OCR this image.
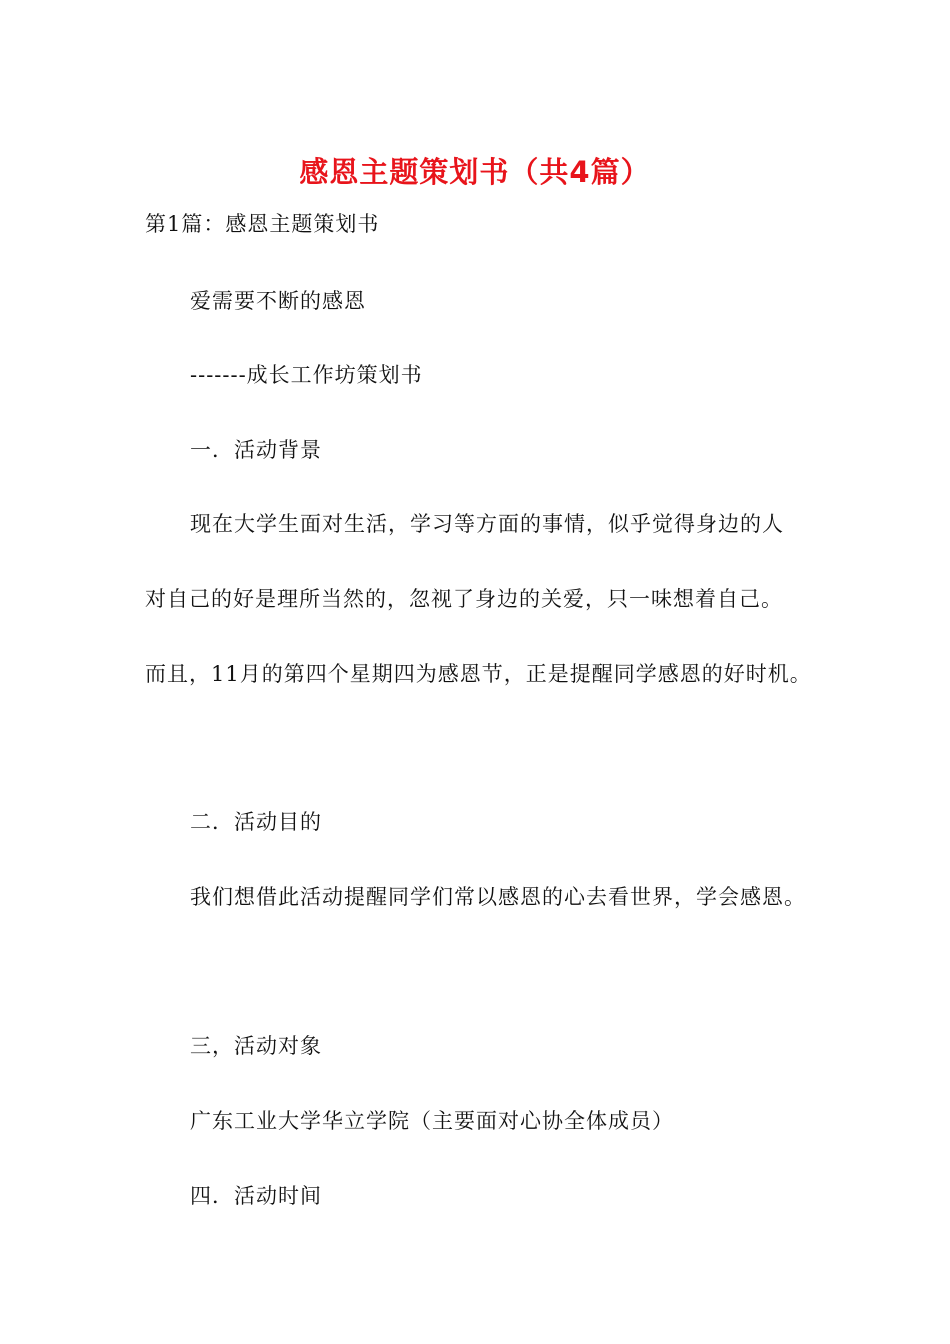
感恩主题策划书（共4篇）
第1篇：感恩主题策划书
爱需要不断的感恩
-------成长工作坊策划书
一．活动背景
现在大学生面对生活，学习等方面的事情，似乎觉得身边的人
对自己的好是理所当然的，忽视了身边的关爱，只一味想着自己。
而且，11月的第四个星期四为感恩节，正是提醒同学感恩的好时机。
二．活动目的
我们想借此活动提醒同学们常以感恩的心去看世界，学会感恩。
三，活动对象
广东工业大学华立学院（主要面对心协全体成员）
四．活动时间
